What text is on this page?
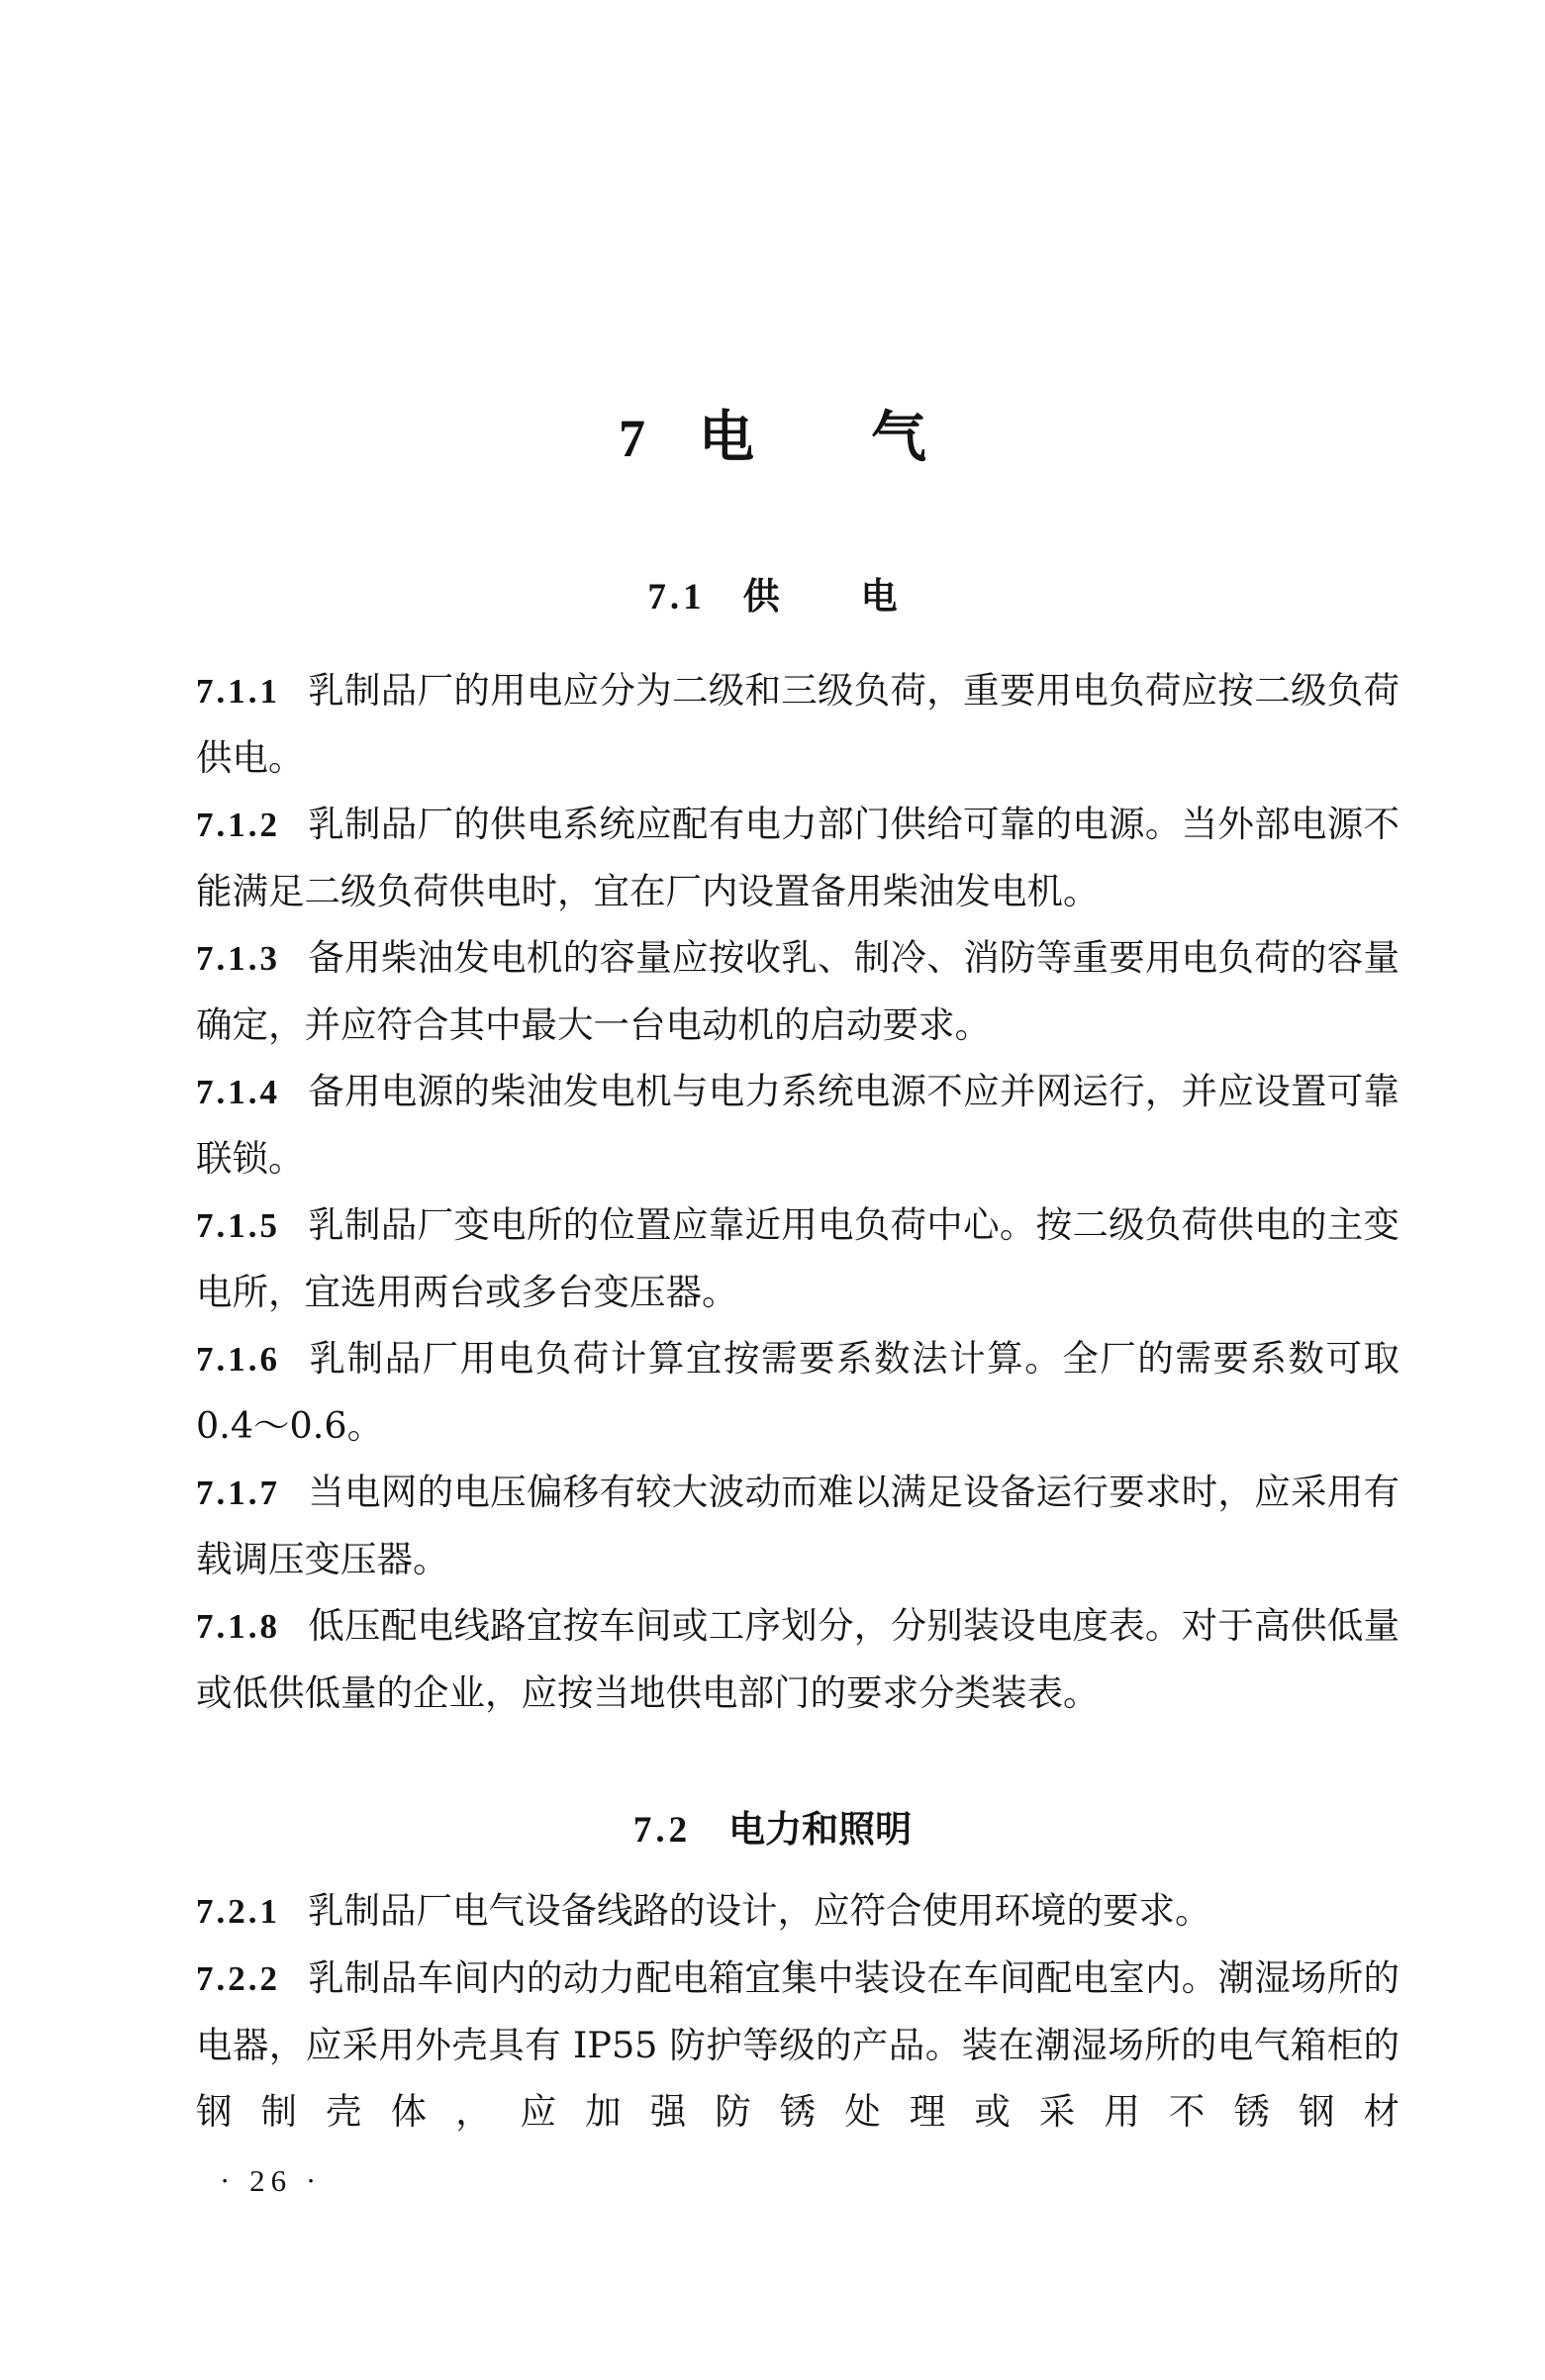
7 电 气
7.1 供 电

7.1.1 乳制品厂的用电应分为二级和三级负荷，重要用电负荷应按二级负荷供电。

7.1.2 乳制品厂的供电系统应配有电力部门供给可靠的电源。当外部电源不能满足二级负荷供电时，宜在厂内设置备用柴油发电机。

7.1.3 备用柴油发电机的容量应按收乳、制冷、消防等重要用电负荷的容量确定，并应符合其中最大一台电动机的启动要求。

7.1.4 备用电源的柴油发电机与电力系统电源不应并网运行，并应设置可靠联锁。

7.1.5 乳制品厂变电所的位置应靠近用电负荷中心。按二级负荷供电的主变电所，宜选用两台或多台变压器。

7.1.6 乳制品厂用电负荷计算宜按需要系数法计算。全厂的需要系数可取 0.4～0.6。

7.1.7 当电网的电压偏移有较大波动而难以满足设备运行要求时，应采用有载调压变压器。

7.1.8 低压配电线路宜按车间或工序划分，分别装设电度表。对于高供低量或低供低量的企业，应按当地供电部门的要求分类装表。

7.2 电力和照明

7.2.1 乳制品厂电气设备线路的设计，应符合使用环境的要求。

7.2.2 乳制品车间内的动力配电箱宜集中装设在车间配电室内。潮湿场所的电器，应采用外壳具有 IP55 防护等级的产品。装在潮湿场所的电气箱柜的钢制壳体，应加强防锈处理或采用不锈钢材

· 26 ·
